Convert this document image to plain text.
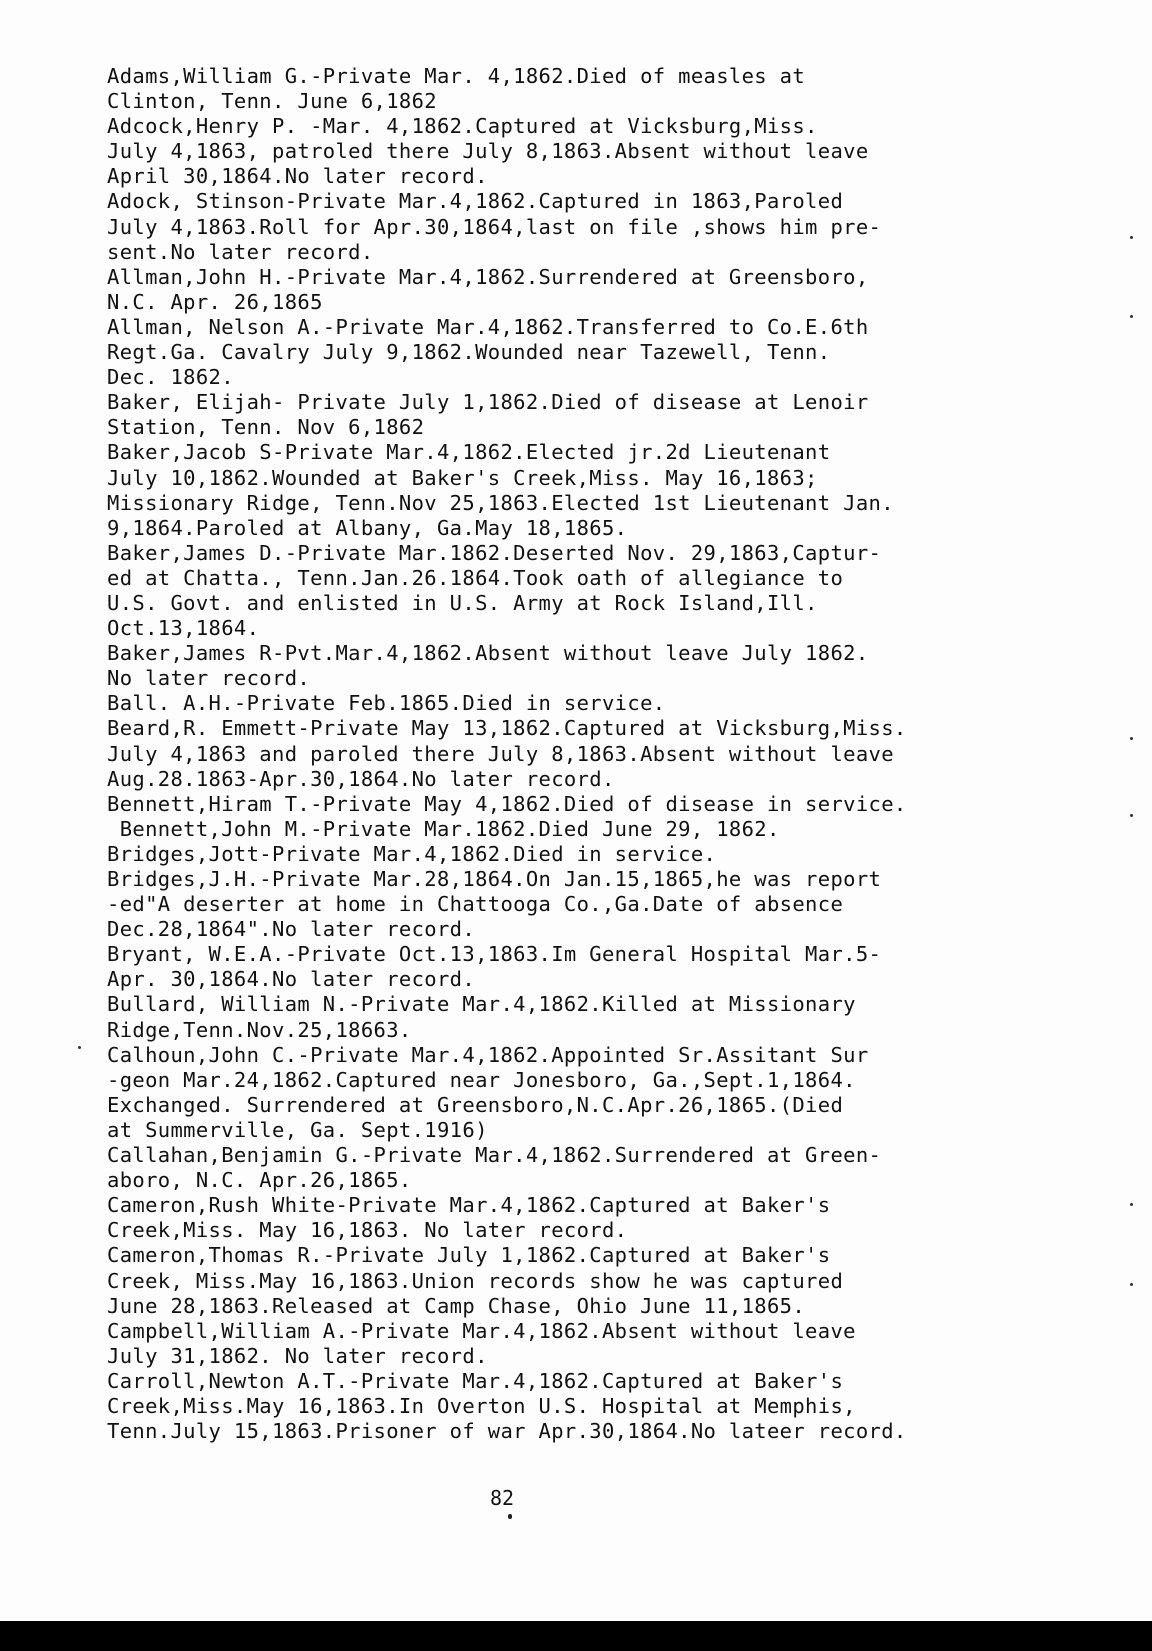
Adams,William G.-Private Mar. 4,1862.Died of measles at
Clinton, Tenn. June 6,1862
Adcock,Henry P. -Mar. 4,1862.Captured at Vicksburg,Miss.
July 4,1863, patroled there July 8,1863.Absent without leave
April 30,1864.No later record.
Adock, Stinson-Private Mar.4,1862.Captured in 1863,Paroled
July 4,1863.Roll for Apr.30,1864,last on file ,shows him pre-
sent.No later record.
Allman,John H.-Private Mar.4,1862.Surrendered at Greensboro,
N.C. Apr. 26,1865
Allman, Nelson A.-Private Mar.4,1862.Transferred to Co.E.6th
Regt.Ga. Cavalry July 9,1862.Wounded near Tazewell, Tenn.
Dec. 1862.
Baker, Elijah- Private July 1,1862.Died of disease at Lenoir
Station, Tenn. Nov 6,1862
Baker,Jacob S-Private Mar.4,1862.Elected jr.2d Lieutenant
July 10,1862.Wounded at Baker's Creek,Miss. May 16,1863;
Missionary Ridge, Tenn.Nov 25,1863.Elected 1st Lieutenant Jan.
9,1864.Paroled at Albany, Ga.May 18,1865.
Baker,James D.-Private Mar.1862.Deserted Nov. 29,1863,Captur-
ed at Chatta., Tenn.Jan.26.1864.Took oath of allegiance to
U.S. Govt. and enlisted in U.S. Army at Rock Island,Ill.
Oct.13,1864.
Baker,James R-Pvt.Mar.4,1862.Absent without leave July 1862.
No later record.
Ball. A.H.-Private Feb.1865.Died in service.
Beard,R. Emmett-Private May 13,1862.Captured at Vicksburg,Miss.
July 4,1863 and paroled there July 8,1863.Absent without leave
Aug.28.1863-Apr.30,1864.No later record.
Bennett,Hiram T.-Private May 4,1862.Died of disease in service.
Bennett,John M.-Private Mar.1862.Died June 29, 1862.
Bridges,Jott-Private Mar.4,1862.Died in service.
Bridges,J.H.-Private Mar.28,1864.On Jan.15,1865,he was report
-ed"A deserter at home in Chattooga Co.,Ga.Date of absence
Dec.28,1864".No later record.
Bryant, W.E.A.-Private Oct.13,1863.Im General Hospital Mar.5-
Apr. 30,1864.No later record.
Bullard, William N.-Private Mar.4,1862.Killed at Missionary
Ridge,Tenn.Nov.25,18663.
Calhoun,John C.-Private Mar.4,1862.Appointed Sr.Assitant Sur
-geon Mar.24,1862.Captured near Jonesboro, Ga.,Sept.1,1864.
Exchanged. Surrendered at Greensboro,N.C.Apr.26,1865.(Died
at Summerville, Ga. Sept.1916)
Callahan,Benjamin G.-Private Mar.4,1862.Surrendered at Green-
aboro, N.C. Apr.26,1865.
Cameron,Rush White-Private Mar.4,1862.Captured at Baker's
Creek,Miss. May 16,1863. No later record.
Cameron,Thomas R.-Private July 1,1862.Captured at Baker's
Creek, Miss.May 16,1863.Union records show he was captured
June 28,1863.Released at Camp Chase, Ohio June 11,1865.
Campbell,William A.-Private Mar.4,1862.Absent without leave
July 31,1862. No later record.
Carroll,Newton A.T.-Private Mar.4,1862.Captured at Baker's
Creek,Miss.May 16,1863.In Overton U.S. Hospital at Memphis,
Tenn.July 15,1863.Prisoner of war Apr.30,1864.No lateer record.
82
